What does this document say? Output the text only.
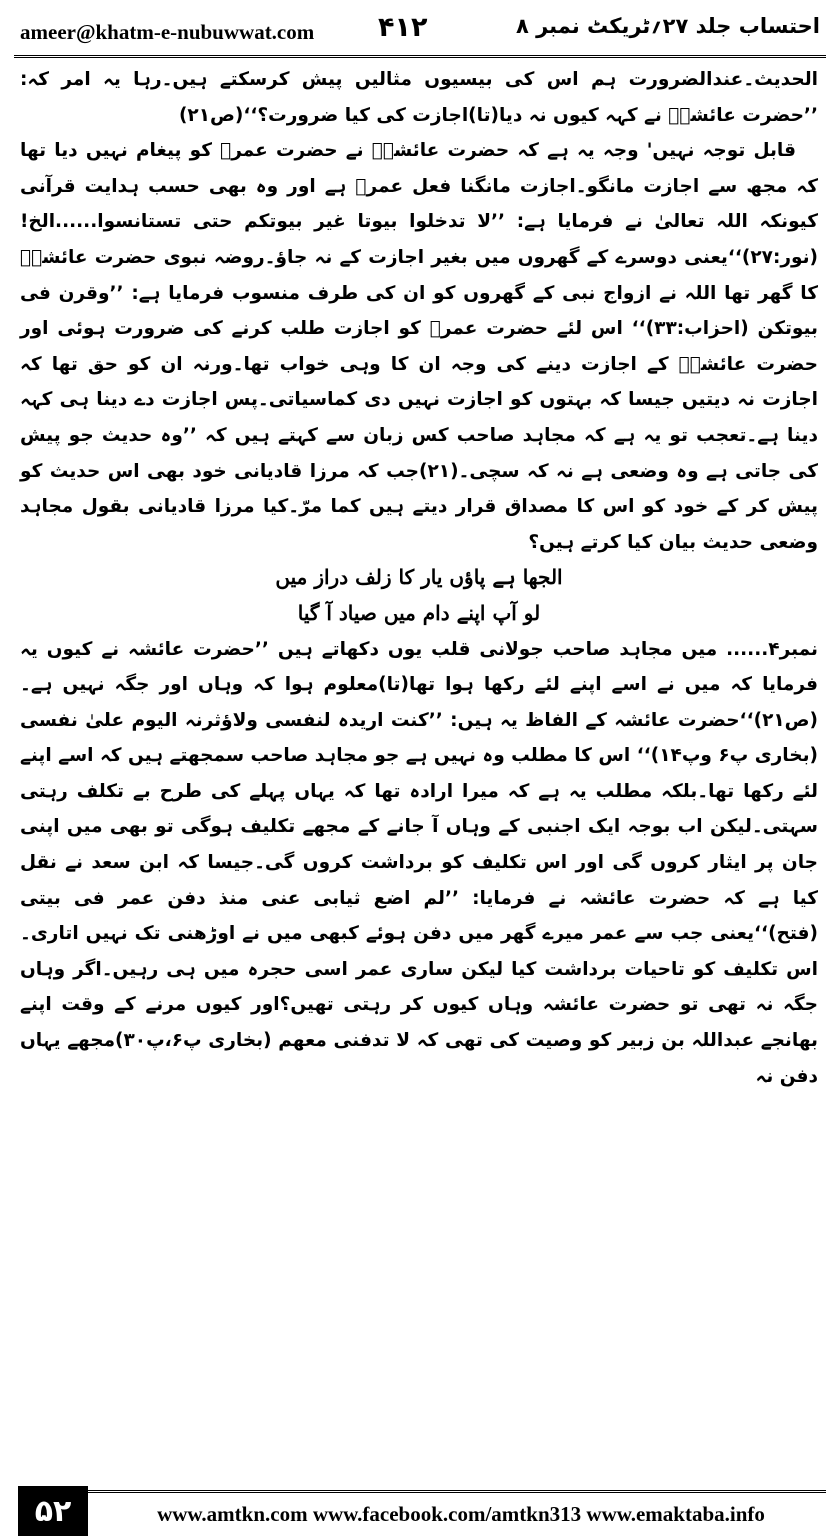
ameer@khatm-e-nubuwwat.com ۴۱۲	احتساب جلد ۲۷؍ٹریکٹ نمبر ۸

الحدیث۔عندالضرورت ہم اس کی بیسیوں مثالیں پیش کرسکتے ہیں۔رہا یہ امر کہ: ’’حضرت عائشہؓ نے کہہ کیوں نہ دیا(تا)اجازت کی کیا ضرورت؟‘‘(ص۲۱)

قابل توجہ نہیں' وجہ یہ ہے کہ حضرت عائشہؓ نے حضرت عمرؓ کو پیغام نہیں دیا تھا کہ مجھ سے اجازت مانگو۔اجازت مانگنا فعل عمرؓ ہے اور وہ بھی حسب ہدایت قرآنی کیونکہ اللہ تعالیٰ نے فرمایا ہے: ’’لا تدخلوا بیوتا غیر بیوتکم حتی تستانسوا......الخ!(نور:۲۷)‘‘یعنی دوسرے کے گھروں میں بغیر اجازت کے نہ جاؤ۔روضہ نبوی حضرت عائشہؓ کا گھر تھا اللہ نے ازواج نبی کے گھروں کو ان کی طرف منسوب فرمایا ہے: ’’وقرن فی بیوتکن (احزاب:۳۳)‘‘ اس لئے حضرت عمرؓ کو اجازت طلب کرنے کی ضرورت ہوئی اور حضرت عائشہؓ کے اجازت دینے کی وجہ ان کا وہی خواب تھا۔ورنہ ان کو حق تھا کہ اجازت نہ دیتیں جیسا کہ بہتوں کو اجازت نہیں دی کماسیاتی۔پس اجازت دے دینا ہی کہہ دینا ہے۔تعجب تو یہ ہے کہ مجاہد صاحب کس زبان سے کہتے ہیں کہ ’’وہ حدیث جو پیش کی جاتی ہے وہ وضعی ہے نہ کہ سچی۔(۲۱)جب کہ مرزا قادیانی خود بھی اس حدیث کو پیش کر کے خود کو اس کا مصداق قرار دیتے ہیں کما مرّ۔کیا مرزا قادیانی بقول مجاہد وضعی حدیث بیان کیا کرتے ہیں؟

الجھا ہے پاؤں یار کا زلف دراز میں

لو آپ اپنے دام میں صیاد آ گیا

نمبر۴...... میں مجاہد صاحب جولانی قلب یوں دکھاتے ہیں ’’حضرت عائشہ نے کیوں یہ فرمایا کہ میں نے اسے اپنے لئے رکھا ہوا تھا(تا)معلوم ہوا کہ وہاں اور جگہ نہیں ہے۔(ص۲۱)‘‘حضرت عائشہ کے الفاظ یہ ہیں: ’’کنت اریدہ لنفسی ولاؤثرنہ الیوم علیٰ نفسی (بخاری پ۶ وپ۱۴)‘‘ اس کا مطلب وہ نہیں ہے جو مجاہد صاحب سمجھتے ہیں کہ اسے اپنے لئے رکھا تھا۔بلکہ مطلب یہ ہے کہ میرا ارادہ تھا کہ یہاں پہلے کی طرح بے تکلف رہتی سہتی۔لیکن اب بوجہ ایک اجنبی کے وہاں آ جانے کے مجھے تکلیف ہوگی تو بھی میں اپنی جان پر ایثار کروں گی اور اس تکلیف کو برداشت کروں گی۔جیسا کہ ابن سعد نے نقل کیا ہے کہ حضرت عائشہ نے فرمایا: ’’لم اضع ثیابی عنی منذ دفن عمر فی بیتی (فتح)‘‘یعنی جب سے عمر میرے گھر میں دفن ہوئے کبھی میں نے اوڑھنی تک نہیں اتاری۔اس تکلیف کو تاحیات برداشت کیا لیکن ساری عمر اسی حجرہ میں ہی رہیں۔اگر وہاں جگہ نہ تھی تو حضرت عائشہ وہاں کیوں کر رہتی تھیں؟اور کیوں مرنے کے وقت اپنے بھانجے عبداللہ بن زبیر کو وصیت کی تھی کہ لا تدفنی معھم (بخاری پ۶،پ۳۰)مجھے یہاں دفن نہ

۵۲	www.amtkn.com www.facebook.com/amtkn313 www.emaktaba.info
